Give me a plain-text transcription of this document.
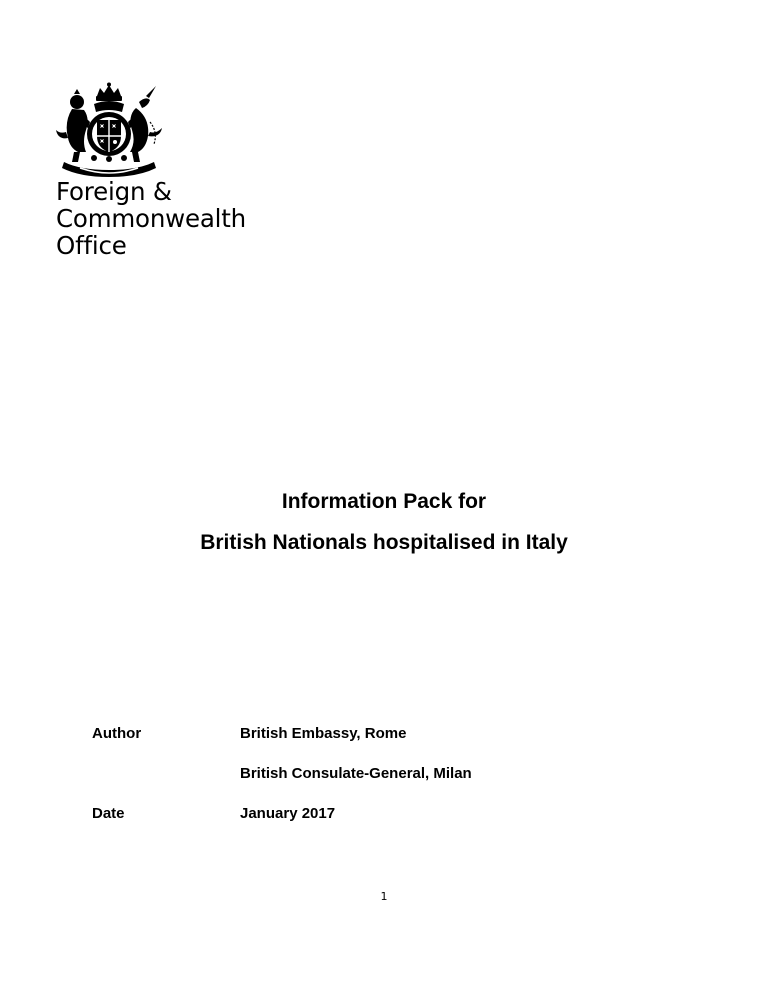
Foreign &
Commonwealth
Office
Information Pack for
British Nationals hospitalised in Italy
Author	British Embassy, Rome
British Consulate-General, Milan
Date	January 2017
1
